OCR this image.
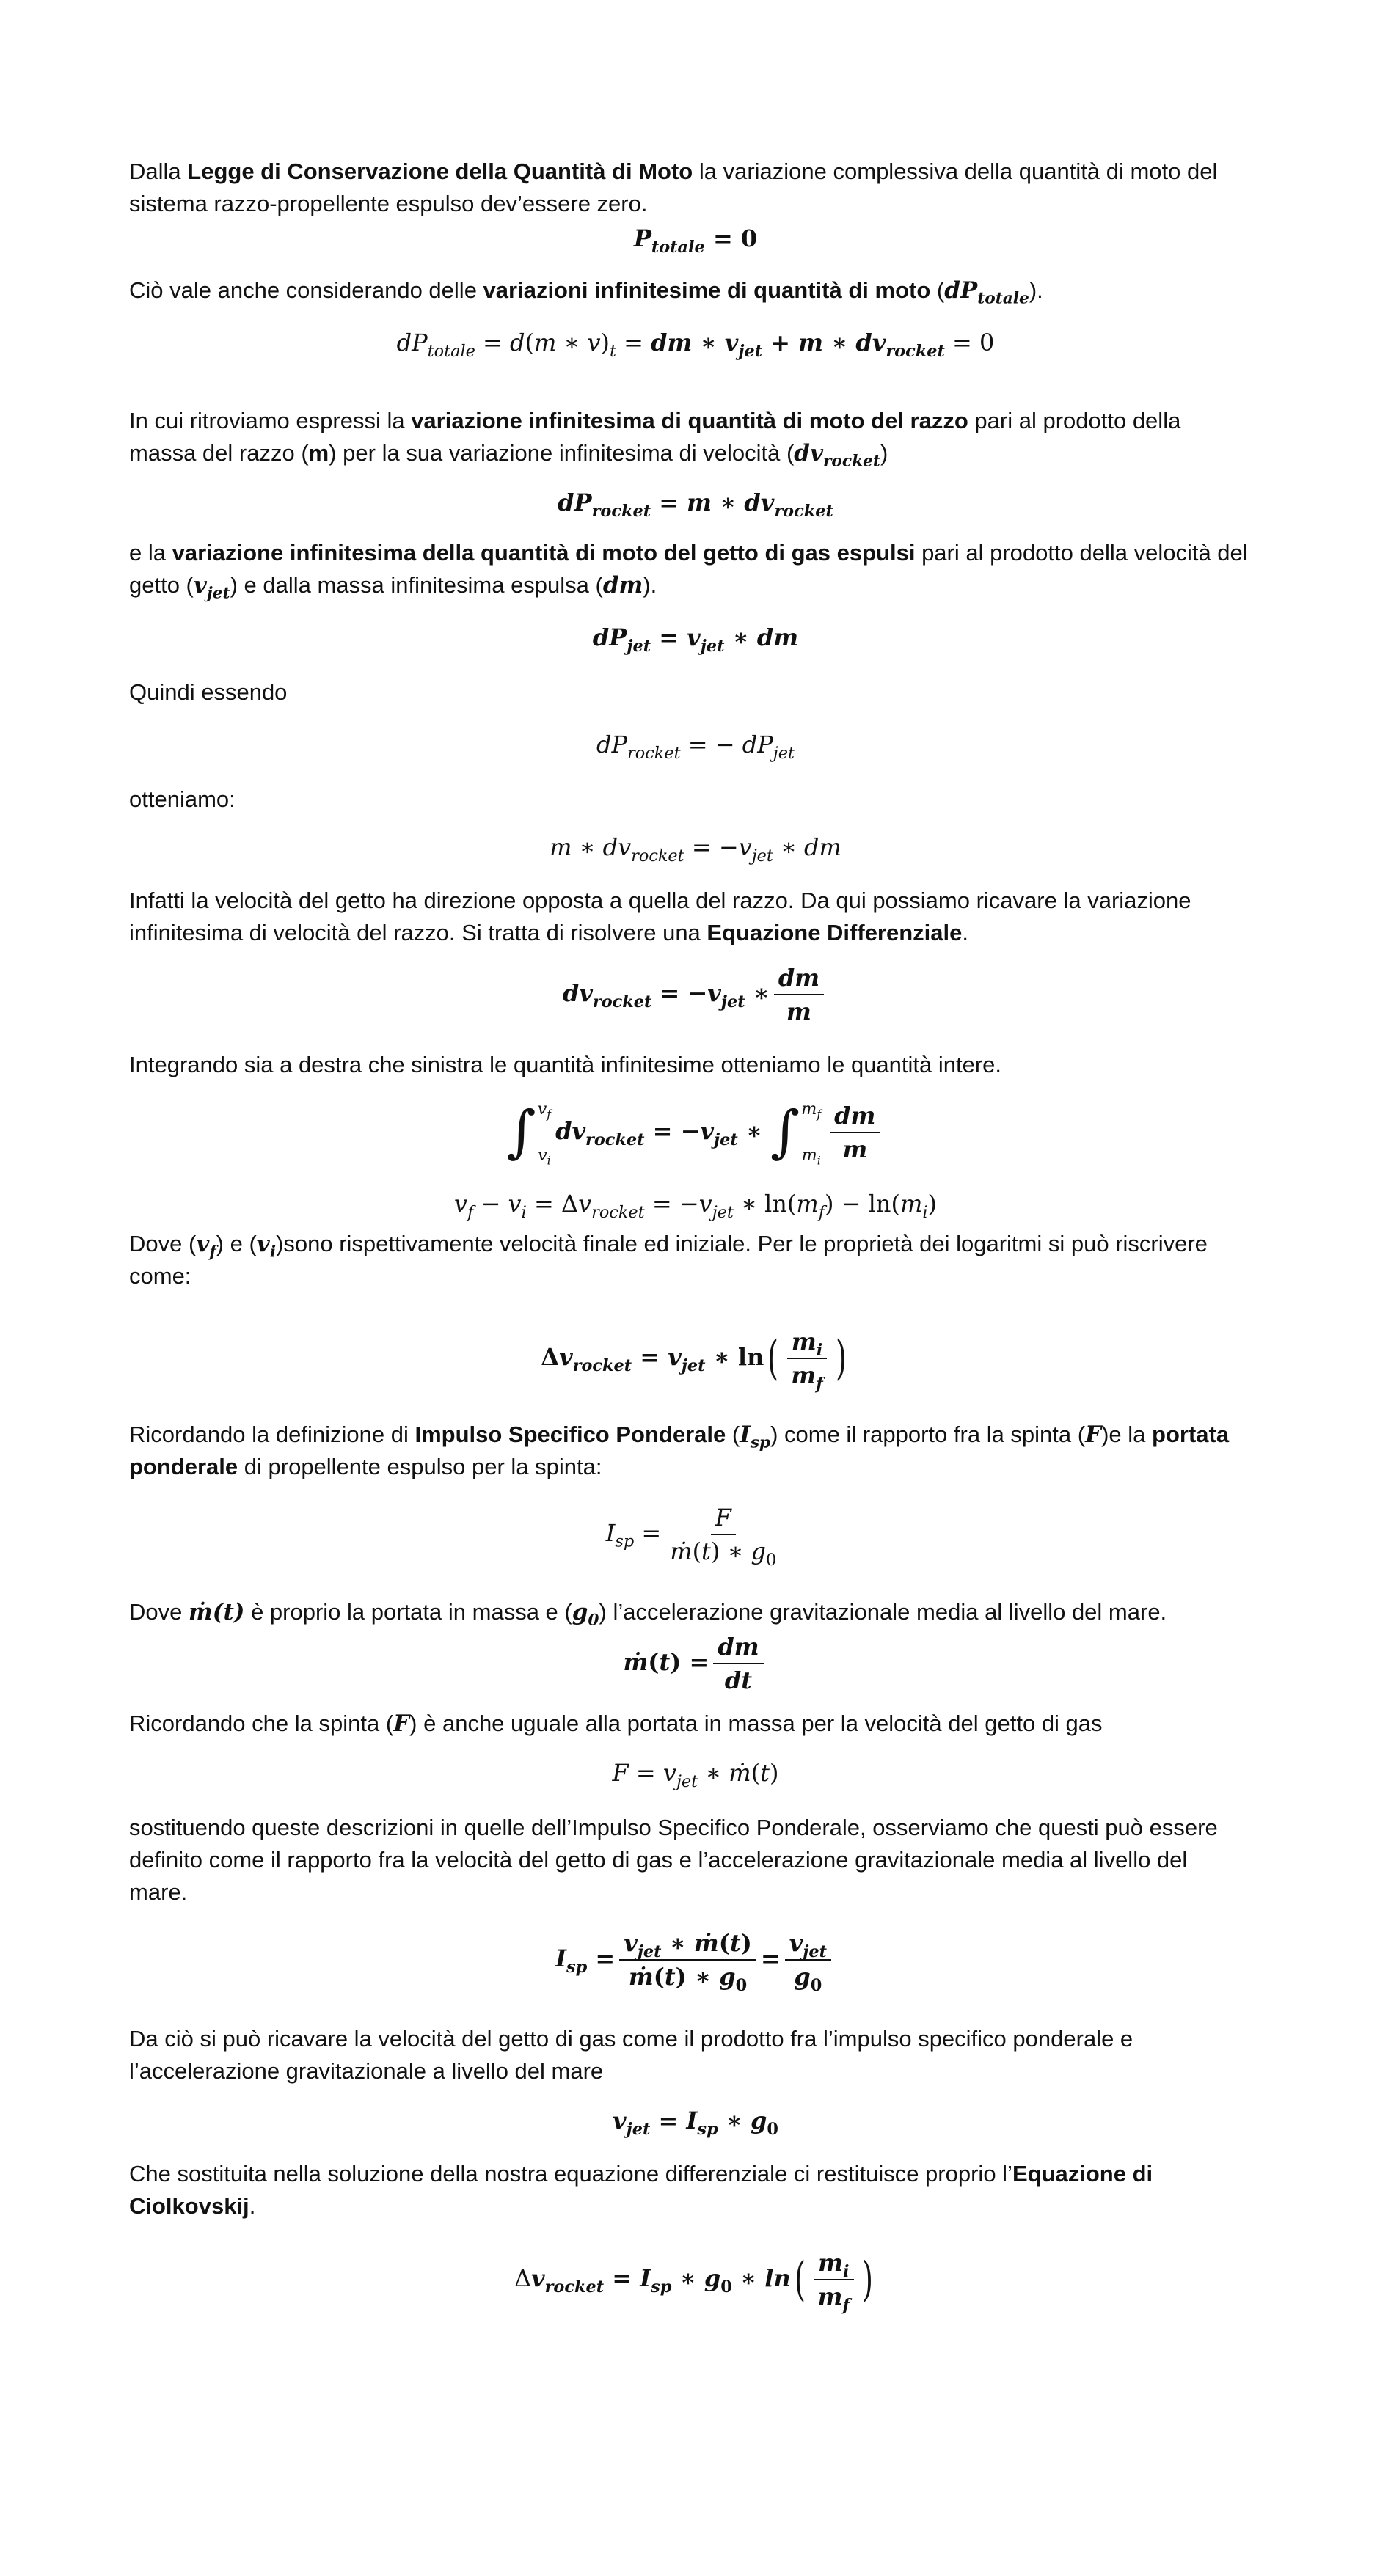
Dalla Legge di Conservazione della Quantità di Moto la variazione complessiva della quantità di moto del sistema razzo-propellente espulso dev’essere zero.
$P_{totale} = 0$
Ciò vale anche considerando delle variazioni infinitesime di quantità di moto $(dP_{totale})$.
$dP_{totale} = d(m$ ∗ $v)_t$ = dm ∗ $v_{jet} + m$ ∗ $dv_{rocket} = 0$
In cui ritroviamo espressi la variazione infinitesima di quantità di moto del razzo pari al prodotto della massa del razzo (m) per la sua variazione infinitesima di velocità $(dv_{rocket})$
$dP_{rocket} = m$ ∗ $dv_{rocket}$
e la variazione infinitesima della quantità di moto del getto di gas espulsi pari al prodotto della velocità del getto $(v_{jet})$ e dalla massa infinitesima espulsa (dm).
$dP_{jet} = v_{jet}$ ∗ dm
Quindi essendo
$dP_{rocket}$ = − $dP_{jet}$
otteniamo:
m ∗ $dv_{rocket} = -v_{jet}$ ∗ dm
Infatti la velocità del getto ha direzione opposta a quella del razzo. Da qui possiamo ricavare la variazione infinitesima di velocità del razzo. Si tratta di risolvere una Equazione Differenziale.
$dv_{rocket} = -v_{jet}$ ∗ $\frac{dm}{m}$
Integrando sia a destra che sinistra le quantità infinitesime otteniamo le quantità intere.
∫ $v_f$
$v_i$
$dv_{rocket} = -v_{jet}$ ∗ ∫ $m_f$
$m_i \frac{dm}{m}$
$v_f - v_i = \Delta v_{rocket} = -v_{jet}$ ∗ $\ln(m_f) - \ln(m_i)$
Dove $(v_f)$ e $(v_i)sono$ rispettivamente velocità finale ed iniziale. Per le proprietà dei logaritmi si può riscrivere come:
$\Delta v_{rocket} = v_{jet}$ ∗ $\ln( \frac{m_i}{m_f}$ )
Ricordando la definizione di Impulso Specifico Ponderale $(I_{sp})$ come il rapporto fra la spinta (F)e la portata ponderale di propellente espulso per la spinta:
$I_{sp} = \frac{F}{ṁ(t) ∗ g_0}$
Dove ṁ(t) è proprio la portata in massa e $(g_0)$ l’accelerazione gravitazionale media al livello del mare.
ṁ(t) = $\frac{dm}{dt}$
Ricordando che la spinta (F) è anche uguale alla portata in massa per la velocità del getto di gas
$F = v_{jet}$ ∗ ṁ(t)
sostituendo queste descrizioni in quelle dell’Impulso Specifico Ponderale, osserviamo che questi può essere definito come il rapporto fra la velocità del getto di gas e l’accelerazione gravitazionale media al livello del mare.
$I_{sp} = \frac{v_{jet} ∗ ṁ(t)}{ṁ(t) ∗ g_0} = \frac{v_{jet}}{g_0}$
Da ciò si può ricavare la velocità del getto di gas come il prodotto fra l’impulso specifico ponderale e l’accelerazione gravitazionale a livello del mare
$v_{jet} = I_{sp}$ ∗ $g_0$
Che sostituita nella soluzione della nostra equazione differenziale ci restituisce proprio l’Equazione di Ciolkovskij.
$\Delta v_{rocket} = I_{sp}$ ∗ $g_0$ ∗ $\ln( \frac{m_i}{m_f}$ )
